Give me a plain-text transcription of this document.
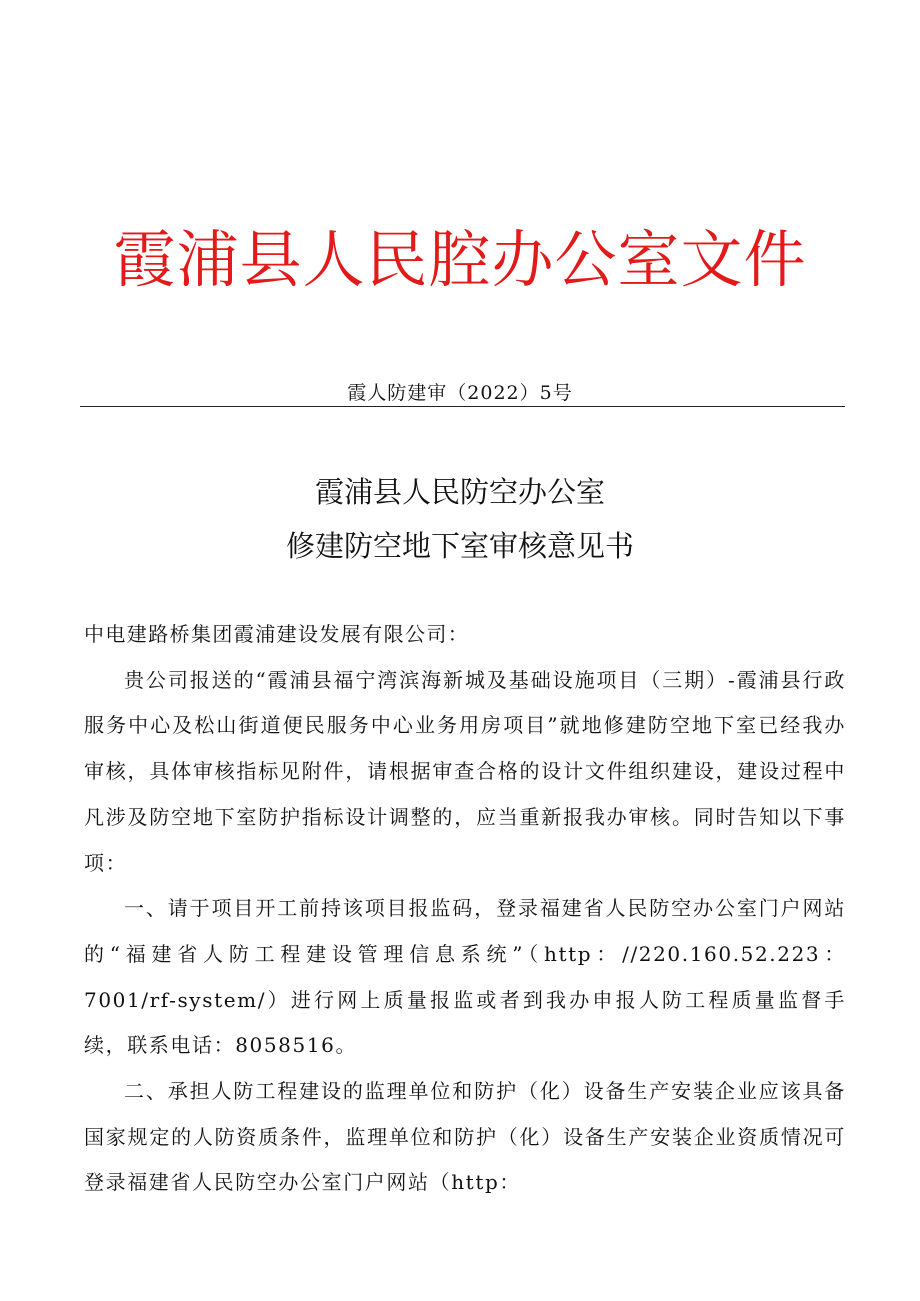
霞浦县人民腔办公室文件
霞人防建审（2022）5号
霞浦县人民防空办公室
修建防空地下室审核意见书

中电建路桥集团霞浦建设发展有限公司：

贵公司报送的“霞浦县福宁湾滨海新城及基础设施项目（三期）-霞浦县行政服务中心及松山街道便民服务中心业务用房项目”就地修建防空地下室已经我办审核，具体审核指标见附件，请根据审查合格的设计文件组织建设，建设过程中凡涉及防空地下室防护指标设计调整的，应当重新报我办审核。同时告知以下事项：

一、请于项目开工前持该项目报监码，登录福建省人民防空办公室门户网站的“福建省人防工程建设管理信息系统”（http：//220.160.52.223：7001/rf-system/）进行网上质量报监或者到我办申报人防工程质量监督手续，联系电话：8058516。

二、承担人防工程建设的监理单位和防护（化）设备生产安装企业应该具备国家规定的人防资质条件，监理单位和防护（化）设备生产安装企业资质情况可登录福建省人民防空办公室门户网站（http：
